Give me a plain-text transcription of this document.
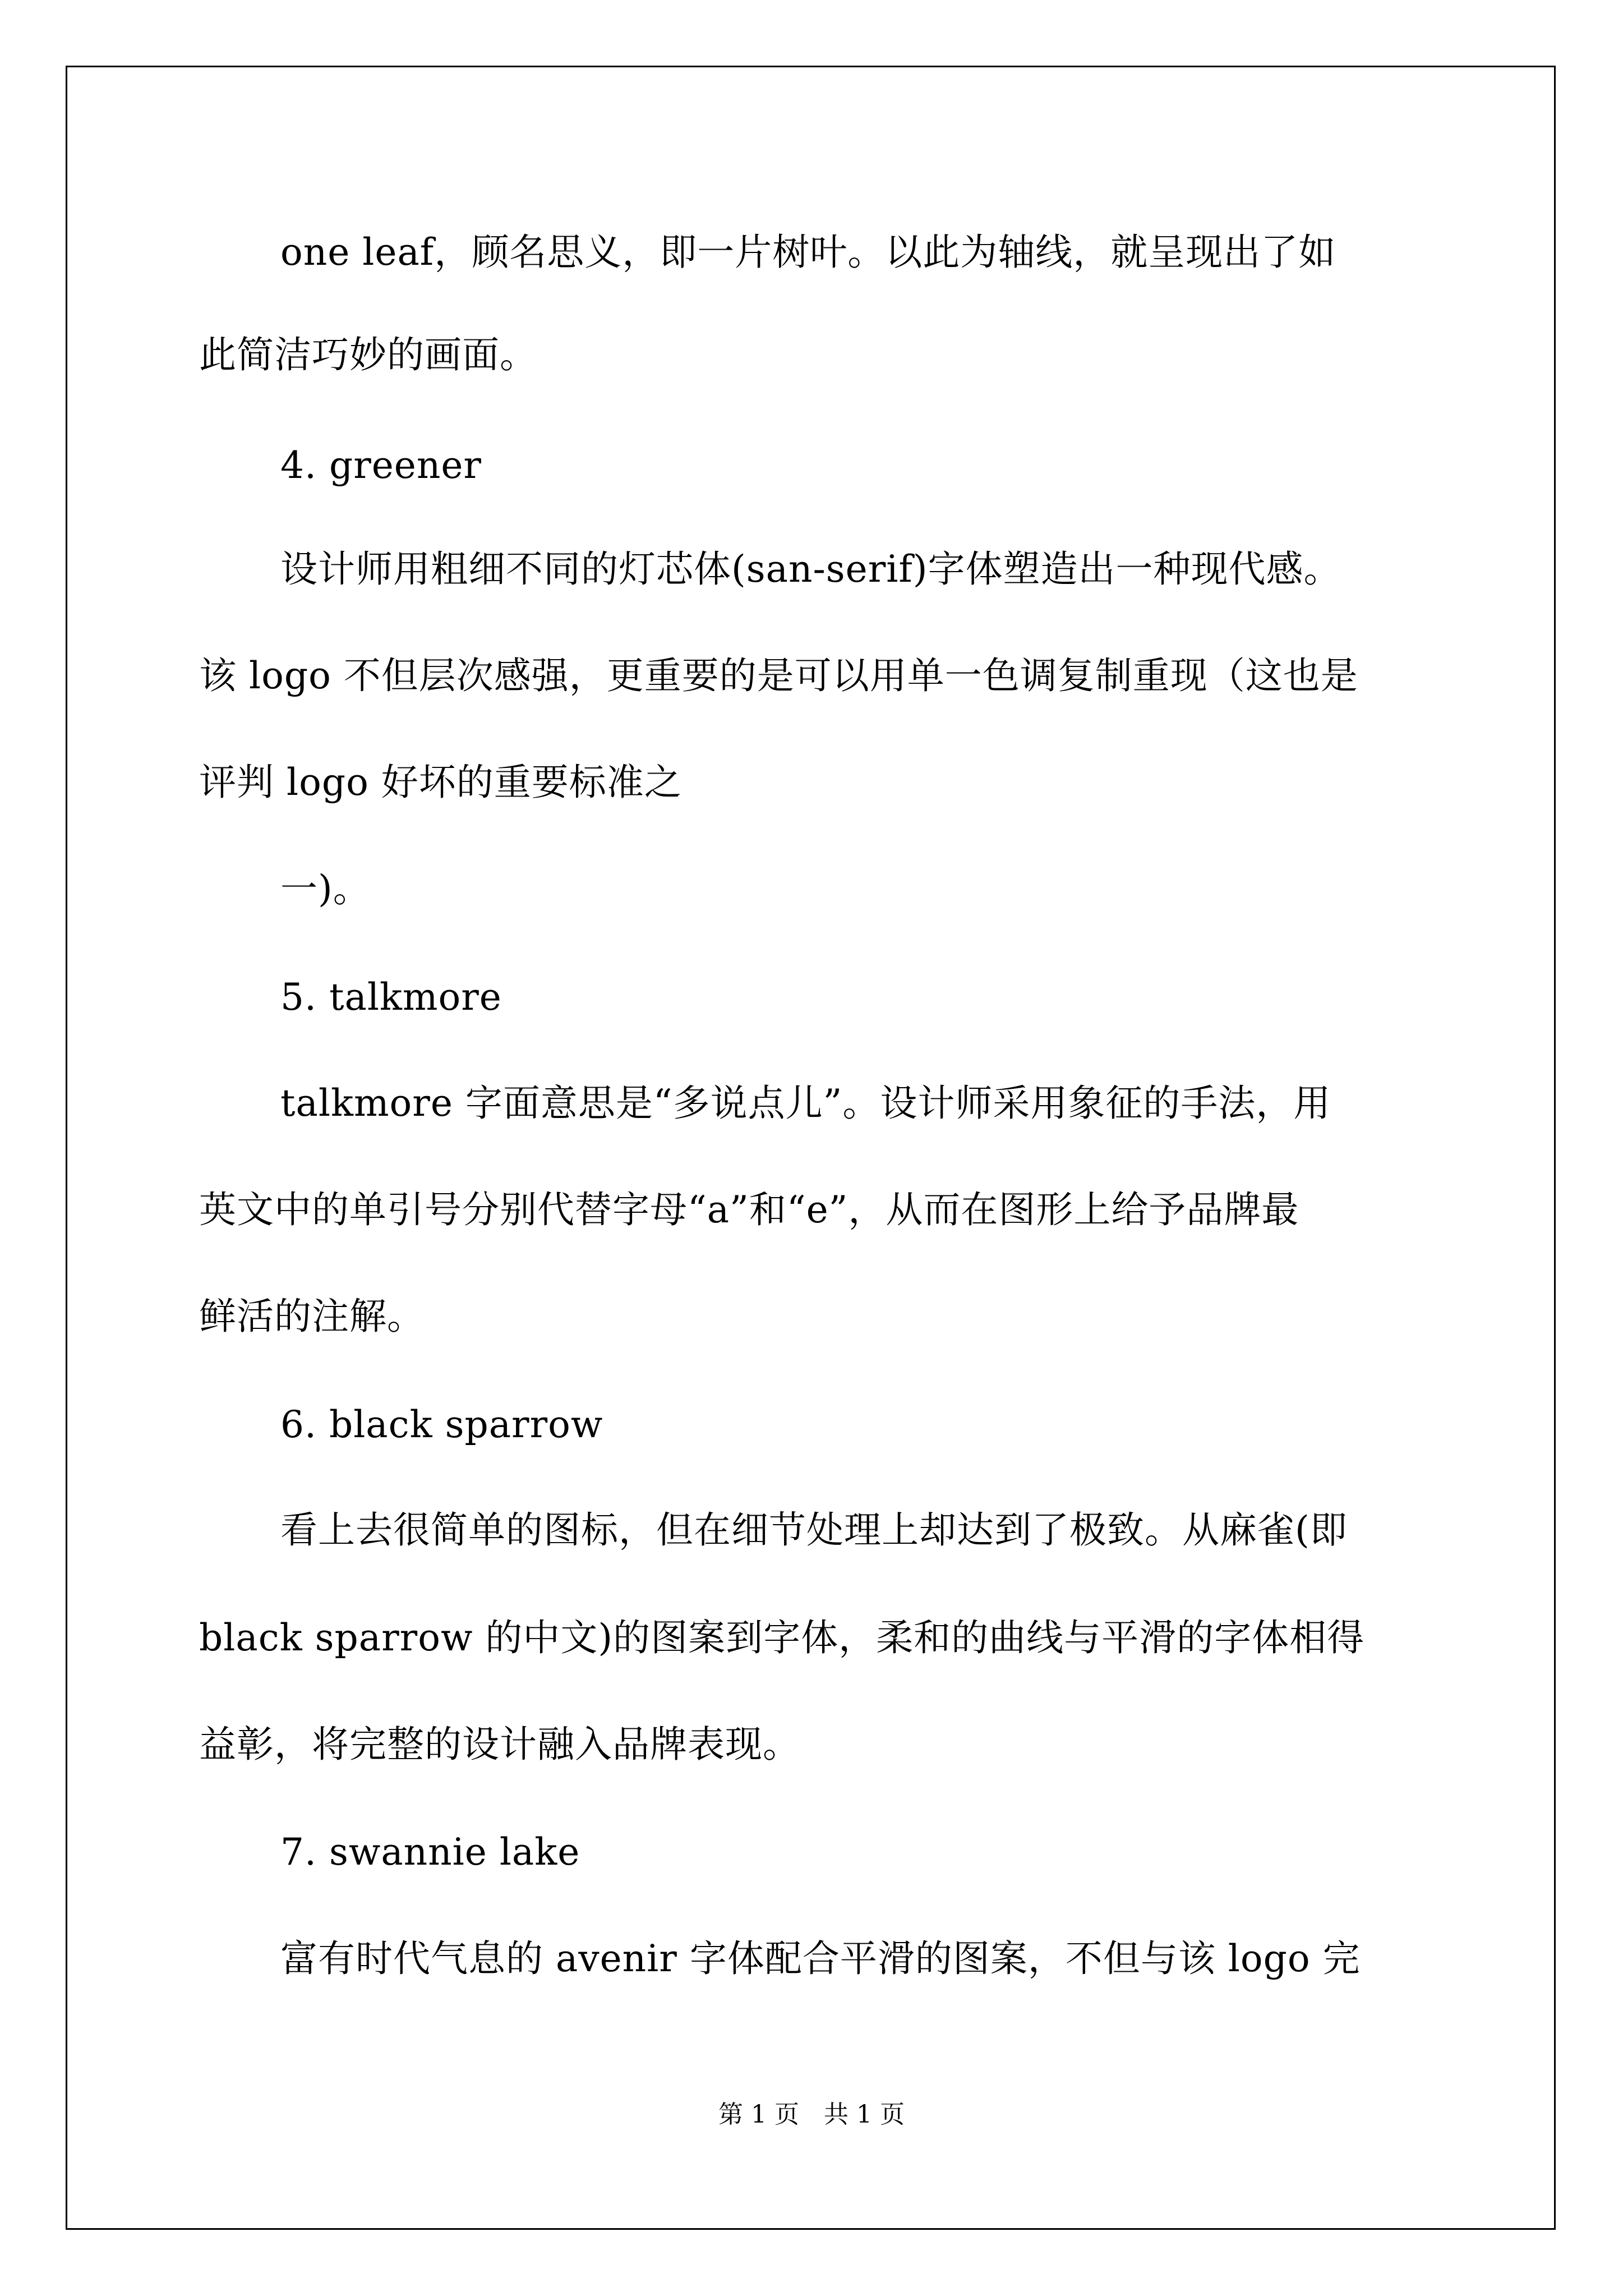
one leaf，顾名思义，即一片树叶。以此为轴线，就呈现出了如
此简洁巧妙的画面。
4. greener
设计师用粗细不同的灯芯体(san-serif)字体塑造出一种现代感。
该 logo 不但层次感强，更重要的是可以用单一色调复制重现（这也是
评判 logo 好坏的重要标准之
一)。
5. talkmore
talkmore 字面意思是“多说点儿”。设计师采用象征的手法，用
英文中的单引号分别代替字母“a”和“e”，从而在图形上给予品牌最
鲜活的注解。
6. black sparrow
看上去很简单的图标，但在细节处理上却达到了极致。从麻雀(即
black sparrow 的中文)的图案到字体，柔和的曲线与平滑的字体相得
益彰，将完整的设计融入品牌表现。
7. swannie lake
富有时代气息的 avenir 字体配合平滑的图案，不但与该 logo 完
第 1 页　共 1 页
